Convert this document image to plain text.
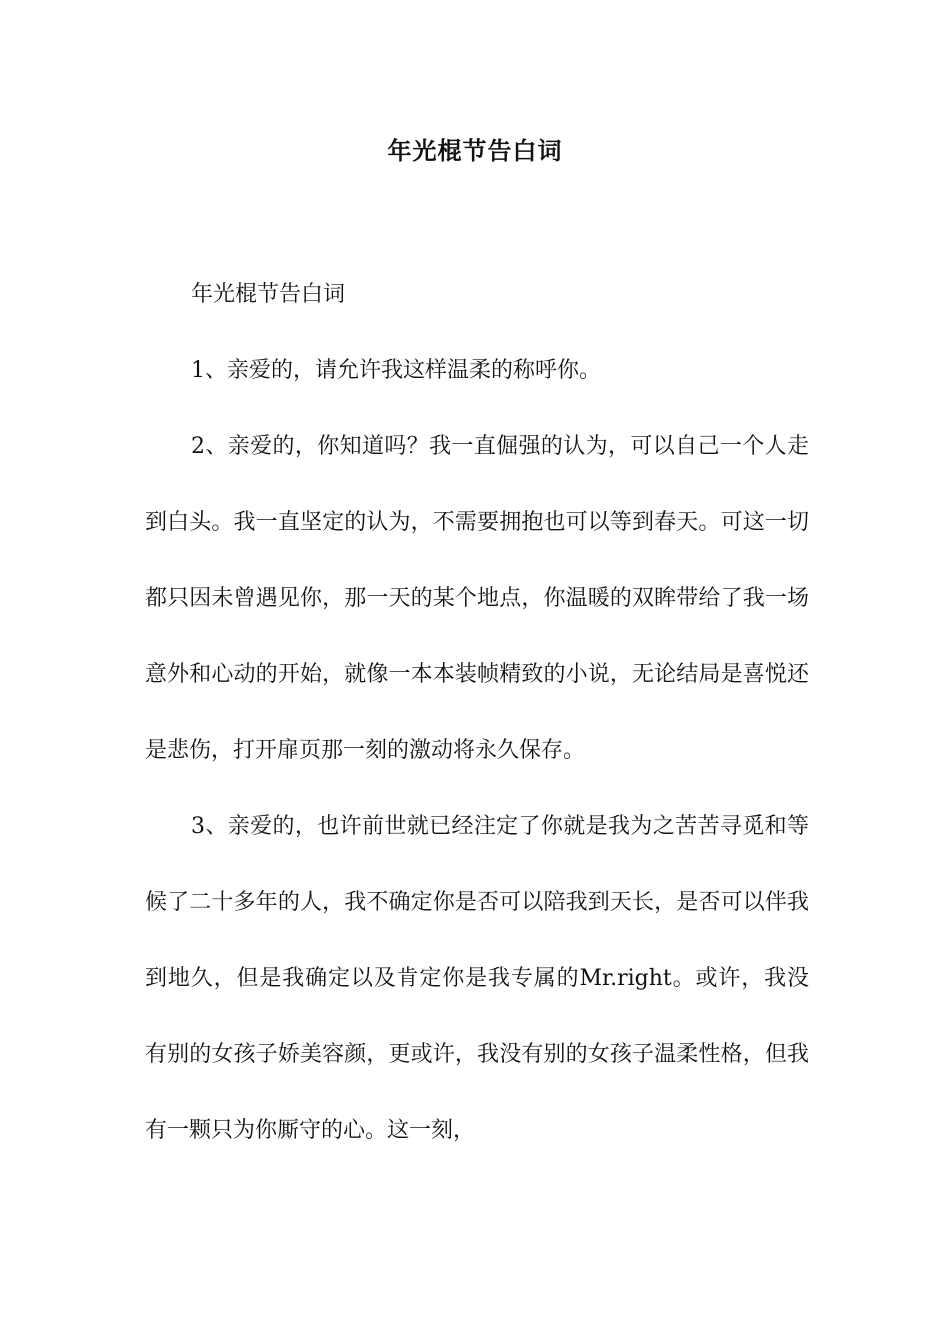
年光棍节告白词

年光棍节告白词

1、亲爱的，请允许我这样温柔的称呼你。

2、亲爱的，你知道吗？我一直倔强的认为，可以自己一个人走到白头。我一直坚定的认为，不需要拥抱也可以等到春天。可这一切都只因未曾遇见你，那一天的某个地点，你温暖的双眸带给了我一场意外和心动的开始，就像一本本装帧精致的小说，无论结局是喜悦还是悲伤，打开扉页那一刻的激动将永久保存。

3、亲爱的，也许前世就已经注定了你就是我为之苦苦寻觅和等候了二十多年的人，我不确定你是否可以陪我到天长，是否可以伴我到地久，但是我确定以及肯定你是我专属的Mr.right。或许，我没有别的女孩子娇美容颜，更或许，我没有别的女孩子温柔性格，但我有一颗只为你厮守的心。这一刻，
